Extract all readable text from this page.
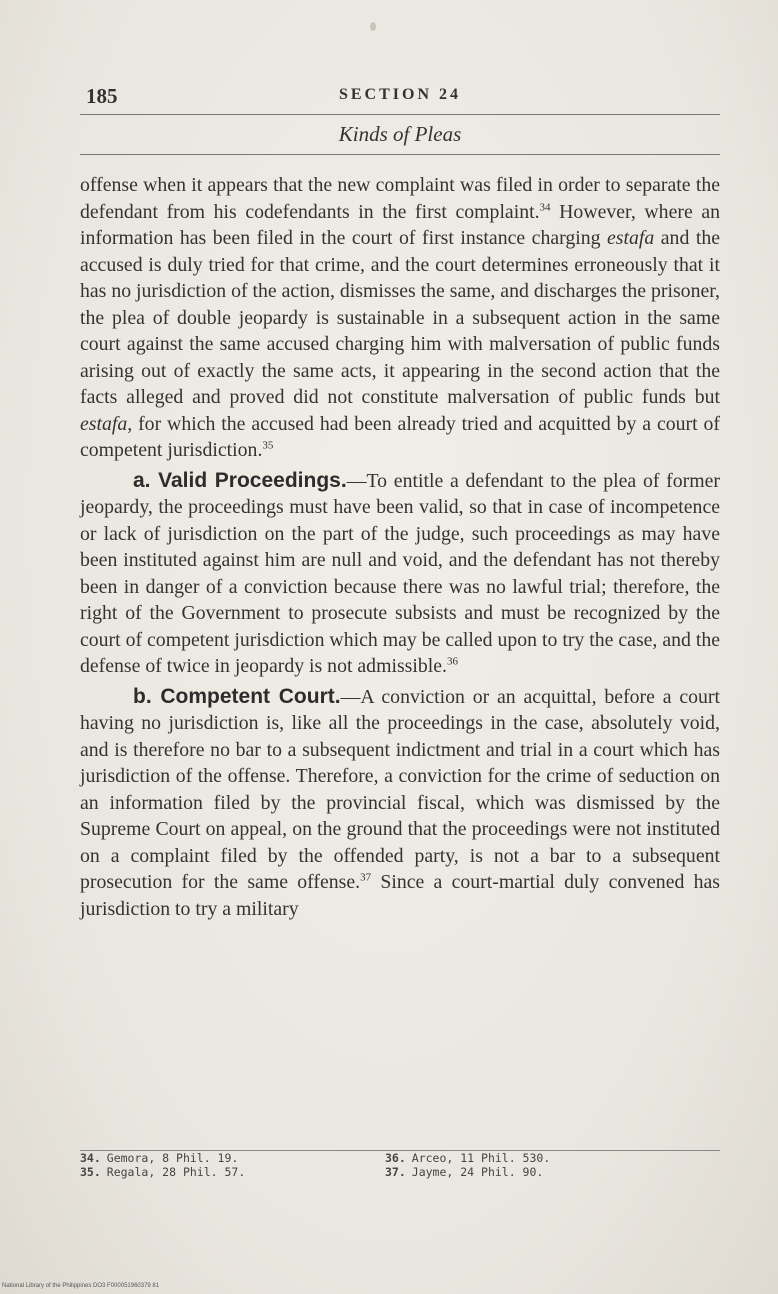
185	SECTION 24
Kinds of Pleas

offense when it appears that the new complaint was filed in order to separate the defendant from his codefendants in the first complaint.$^{34}$ However, where an information has been filed in the court of first instance charging estafa and the accused is duly tried for that crime, and the court determines erroneously that it has no jurisdiction of the action, dismisses the same, and discharges the prisoner, the plea of double jeopardy is sustainable in a subsequent action in the same court against the same accused charging him with malversation of public funds arising out of exactly the same acts, it appearing in the second action that the facts alleged and proved did not constitute malversation of public funds but estafa, for which the accused had been already tried and acquitted by a court of competent jurisdiction.$^{35}$

a. Valid Proceedings.—To entitle a defendant to the plea of former jeopardy, the proceedings must have been valid, so that in case of incompetence or lack of jurisdiction on the part of the judge, such proceedings as may have been instituted against him are null and void, and the defendant has not thereby been in danger of a conviction because there was no lawful trial; therefore, the right of the Government to prosecute subsists and must be recognized by the court of competent jurisdiction which may be called upon to try the case, and the defense of twice in jeopardy is not admissible.$^{36}$

b. Competent Court.—A conviction or an acquittal, before a court having no jurisdiction is, like all the proceedings in the case, absolutely void, and is therefore no bar to a subsequent indictment and trial in a court which has jurisdiction of the offense. Therefore, a conviction for the crime of seduction on an information filed by the provincial fiscal, which was dismissed by the Supreme Court on appeal, on the ground that the proceedings were not instituted on a complaint filed by the offended party, is not a bar to a subsequent prosecution for the same offense.$^{37}$ Since a court-martial duly convened has jurisdiction to try a military

34. Gemora, 8 Phil. 19.
35. Regala, 28 Phil. 57.
36. Arceo, 11 Phil. 530.
37. Jayme, 24 Phil. 90.
National Library of the Philippines DO3 F000051960379 81
